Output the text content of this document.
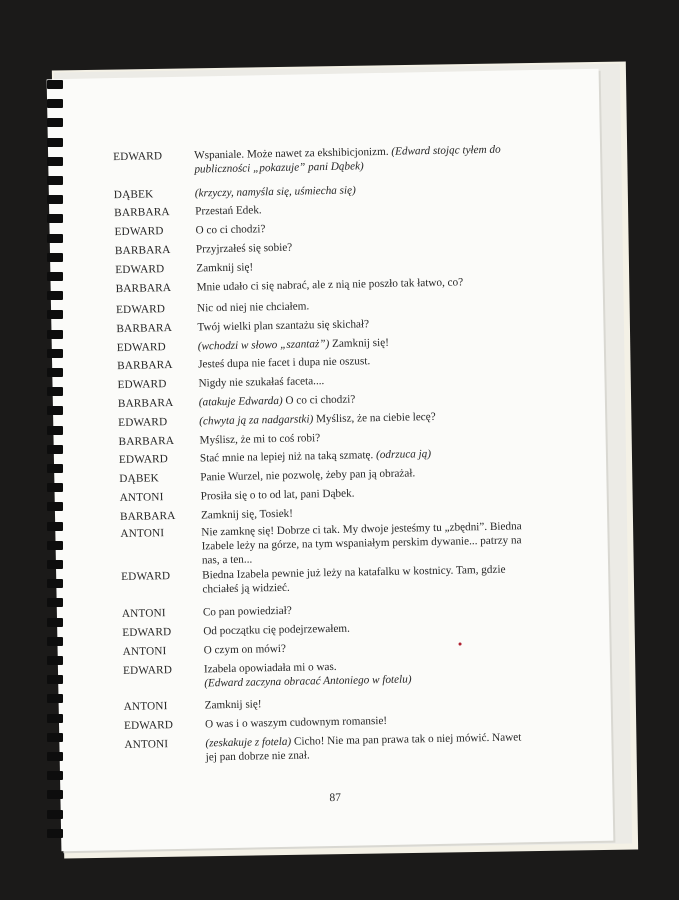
EDWARD	Wspaniale. Może nawet za ekshibicjonizm. (Edward stojąc tyłem do publiczności „pokazuje” pani Dąbek)
DĄBEK	(krzyczy, namyśla się, uśmiecha się)
BARBARA Przestań Edek.
EDWARD	O co ci chodzi?
BARBARA Przyjrzałeś się sobie?
EDWARD	Zamknij się!
BARBARA Mnie udało ci się nabrać, ale z nią nie poszło tak łatwo, co?
EDWARD	Nic od niej nie chciałem.
BARBARA Twój wielki plan szantażu się skichał?
EDWARD	(wchodzi w słowo „szantaż”) Zamknij się!
BARBARA Jesteś dupa nie facet i dupa nie oszust.
EDWARD	Nigdy nie szukałaś faceta....
BARBARA (atakuje Edwarda) O co ci chodzi?
EDWARD	(chwyta ją za nadgarstki) Myślisz, że na ciebie lecę?
BARBARA Myślisz, że mi to coś robi?
EDWARD	Stać mnie na lepiej niż na taką szmatę. (odrzuca ją)
DĄBEK	Panie Wurzel, nie pozwolę, żeby pan ją obrażał.
ANTONI	Prosiła się o to od lat, pani Dąbek.
BARBARA Zamknij się, Tosiek!
ANTONI	Nie zamknę się! Dobrze ci tak. My dwoje jesteśmy tu „zbędni”. Biedna Izabele leży na górze, na tym wspaniałym perskim dywanie... patrzy na nas, a ten...
EDWARD	Biedna Izabela pewnie już leży na katafalku w kostnicy. Tam, gdzie chciałeś ją widzieć.
ANTONI	Co pan powiedział?
EDWARD	Od początku cię podejrzewałem.
ANTONI	O czym on mówi?
EDWARD	Izabela opowiadała mi o was.
(Edward zaczyna obracać Antoniego w fotelu)
ANTONI	Zamknij się!
EDWARD	O was i o waszym cudownym romansie!
ANTONI	(zeskakuje z fotela) Cicho! Nie ma pan prawa tak o niej mówić. Nawet jej pan dobrze nie znał.
87
